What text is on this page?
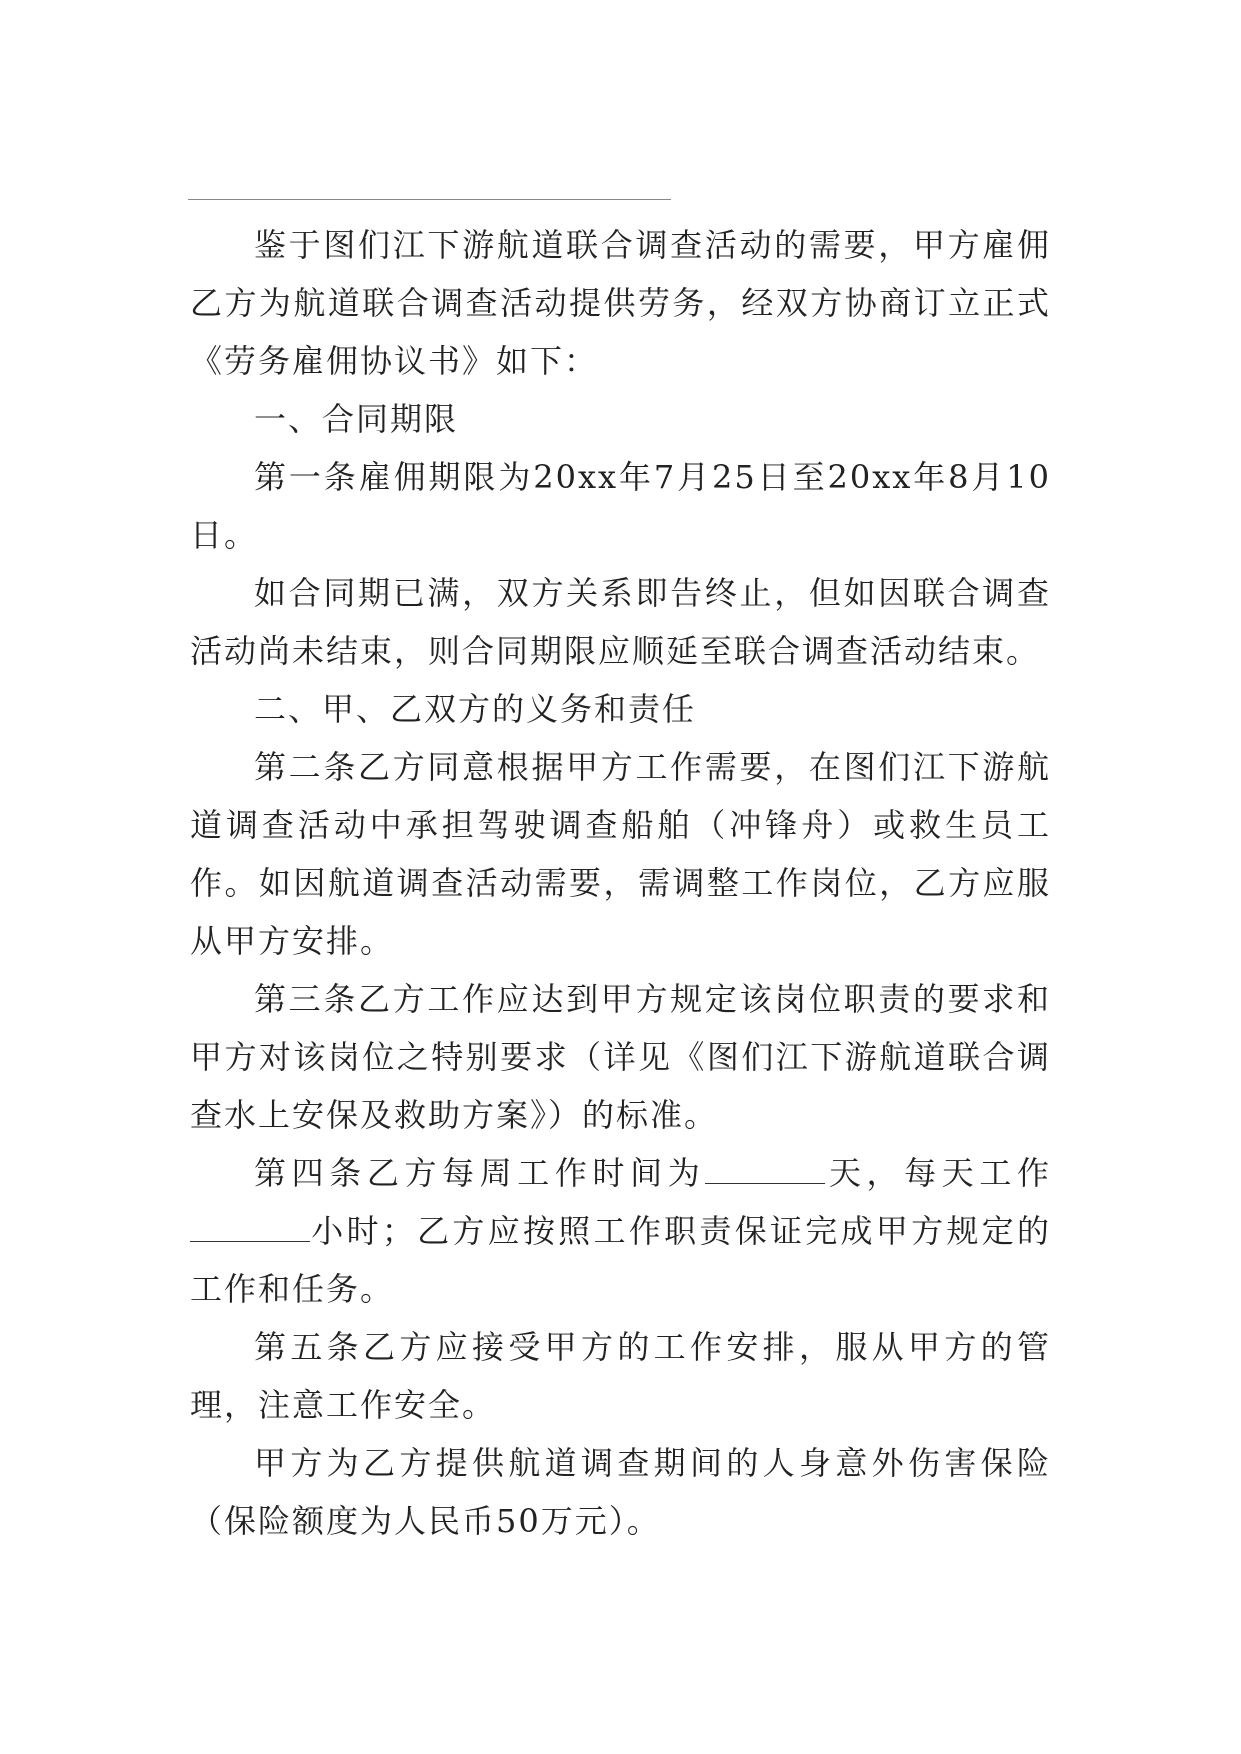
鉴于图们江下游航道联合调查活动的需要，甲方雇佣乙方为航道联合调查活动提供劳务，经双方协商订立正式《劳务雇佣协议书》如下：

一、合同期限

第一条雇佣期限为20xx年7月25日至20xx年8月10日。

如合同期已满，双方关系即告终止，但如因联合调查活动尚未结束，则合同期限应顺延至联合调查活动结束。

二、甲、乙双方的义务和责任

第二条乙方同意根据甲方工作需要，在图们江下游航道调查活动中承担驾驶调查船舶（冲锋舟）或救生员工作。如因航道调查活动需要，需调整工作岗位，乙方应服从甲方安排。

第三条乙方工作应达到甲方规定该岗位职责的要求和甲方对该岗位之特别要求（详见《图们江下游航道联合调查水上安保及救助方案》）的标准。

第四条乙方每周工作时间为	天，每天工作小时；乙方应按照工作职责保证完成甲方规定的工作和任务。

第五条乙方应接受甲方的工作安排，服从甲方的管理，注意工作安全。

甲方为乙方提供航道调查期间的人身意外伤害保险（保险额度为人民币50万元）。
